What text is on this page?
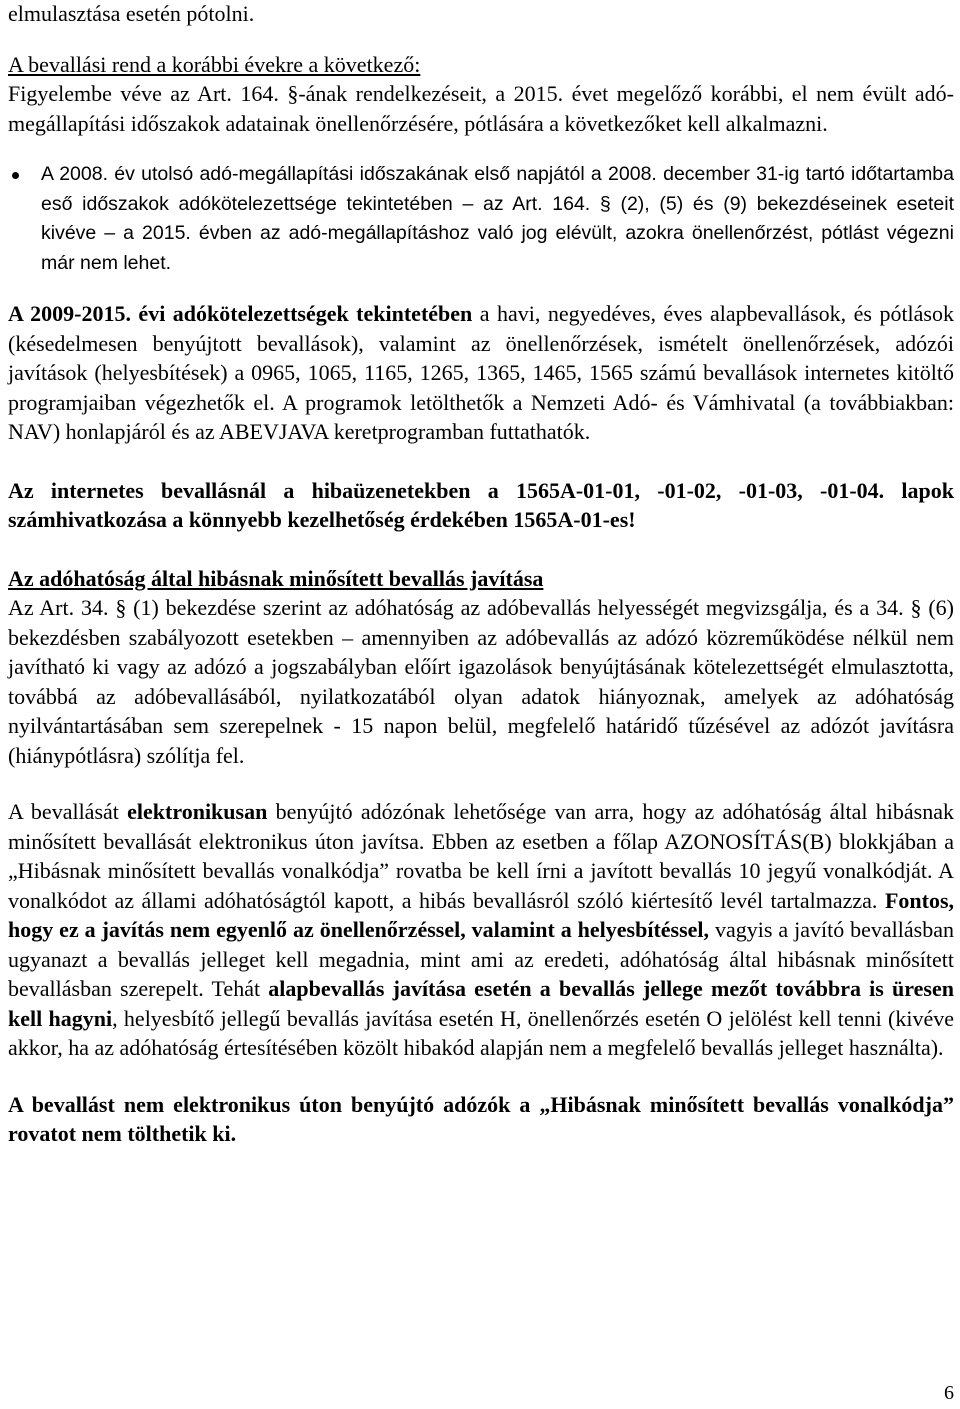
elmulasztása esetén pótolni.

A bevallási rend a korábbi évekre a következő:

Figyelembe véve az Art. 164. §-ának rendelkezéseit, a 2015. évet megelőző korábbi, el nem évült adó-megállapítási időszakok adatainak önellenőrzésére, pótlására a következőket kell alkalmazni.

A 2008. év utolsó adó-megállapítási időszakának első napjától a 2008. december 31-ig tartó időtartamba eső időszakok adókötelezettsége tekintetében – az Art. 164. § (2), (5) és (9) bekezdéseinek eseteit kivéve – a 2015. évben az adó-megállapításhoz való jog elévült, azokra önellenőrzést, pótlást végezni már nem lehet.

A 2009-2015. évi adókötelezettségek tekintetében a havi, negyedéves, éves alapbevallások, és pótlások (késedelmesen benyújtott bevallások), valamint az önellenőrzések, ismételt önellenőrzések, adózói javítások (helyesbítések) a 0965, 1065, 1165, 1265, 1365, 1465, 1565 számú bevallások internetes kitöltő programjaiban végezhetők el. A programok letölthetők a Nemzeti Adó- és Vámhivatal (a továbbiakban: NAV) honlapjáról és az ABEVJAVA keretprogramban futtathatók.

Az internetes bevallásnál a hibaüzenetekben a 1565A-01-01, -01-02, -01-03, -01-04. lapok számhivatkozása a könnyebb kezelhetőség érdekében 1565A-01-es!

Az adóhatóság által hibásnak minősített bevallás javítása

Az Art. 34. § (1) bekezdése szerint az adóhatóság az adóbevallás helyességét megvizsgálja, és a 34. § (6) bekezdésben szabályozott esetekben – amennyiben az adóbevallás az adózó közreműködése nélkül nem javítható ki vagy az adózó a jogszabályban előírt igazolások benyújtásának kötelezettségét elmulasztotta, továbbá az adóbevallásából, nyilatkozatából olyan adatok hiányoznak, amelyek az adóhatóság nyilvántartásában sem szerepelnek - 15 napon belül, megfelelő határidő tűzésével az adózót javításra (hiánypótlásra) szólítja fel.

A bevallását elektronikusan benyújtó adózónak lehetősége van arra, hogy az adóhatóság által hibásnak minősített bevallását elektronikus úton javítsa. Ebben az esetben a főlap AZONOSÍTÁS(B) blokkjában a „Hibásnak minősített bevallás vonalkódja” rovatba be kell írni a javított bevallás 10 jegyű vonalkódját. A vonalkódot az állami adóhatóságtól kapott, a hibás bevallásról szóló kiértesítő levél tartalmazza. Fontos, hogy ez a javítás nem egyenlő az önellenőrzéssel, valamint a helyesbítéssel, vagyis a javító bevallásban ugyanazt a bevallás jelleget kell megadnia, mint ami az eredeti, adóhatóság által hibásnak minősített bevallásban szerepelt. Tehát alapbevallás javítása esetén a bevallás jellege mezőt továbbra is üresen kell hagyni, helyesbítő jellegű bevallás javítása esetén H, önellenőrzés esetén O jelölést kell tenni (kivéve akkor, ha az adóhatóság értesítésében közölt hibakód alapján nem a megfelelő bevallás jelleget használta).

A bevallást nem elektronikus úton benyújtó adózók a „Hibásnak minősített bevallás vonalkódja” rovatot nem tölthetik ki.

6
